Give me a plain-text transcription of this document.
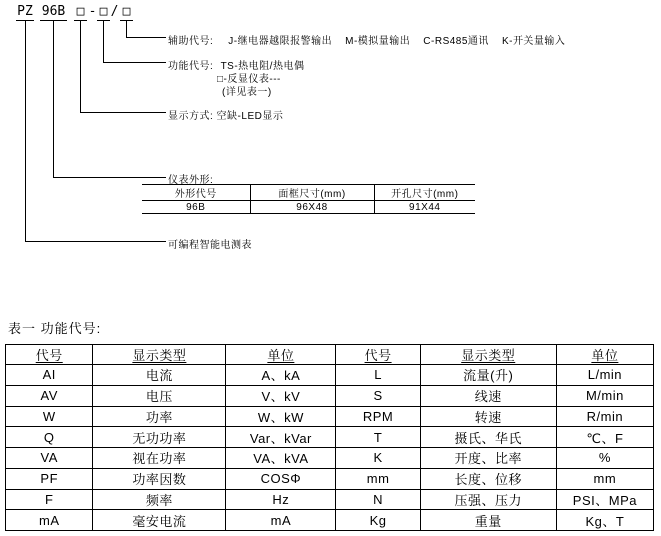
PZ 96B □ - □ / □
辅助代号: J-继电器越限报警输出 M-模拟量输出 C-RS485通讯 K-开关量输入
功能代号: TS-热电阻/热电偶
□-反显仪表---
(详见表一)
显示方式: 空缺-LED显示
仪表外形:
外形代号	面框尺寸(mm)	开孔尺寸(mm)
96B	96X48	91X44
可编程智能电测表
表一 功能代号:
代号	显示类型	单位	代号	显示类型	单位
AI	电流	A、kA	L	流量(升)	L/min
AV	电压	V、kV	S	线速	M/min
W	功率	W、kW	RPM	转速	R/min
Q	无功功率	Var、kVar	T	摄氏、华氏	℃、F
VA	视在功率	VA、kVA	K	开度、比率	%
PF	功率因数	COSΦ	mm	长度、位移	mm
F	频率	Hz	N	压强、压力	PSI、MPa
mA	毫安电流	mA	Kg	重量	Kg、T
